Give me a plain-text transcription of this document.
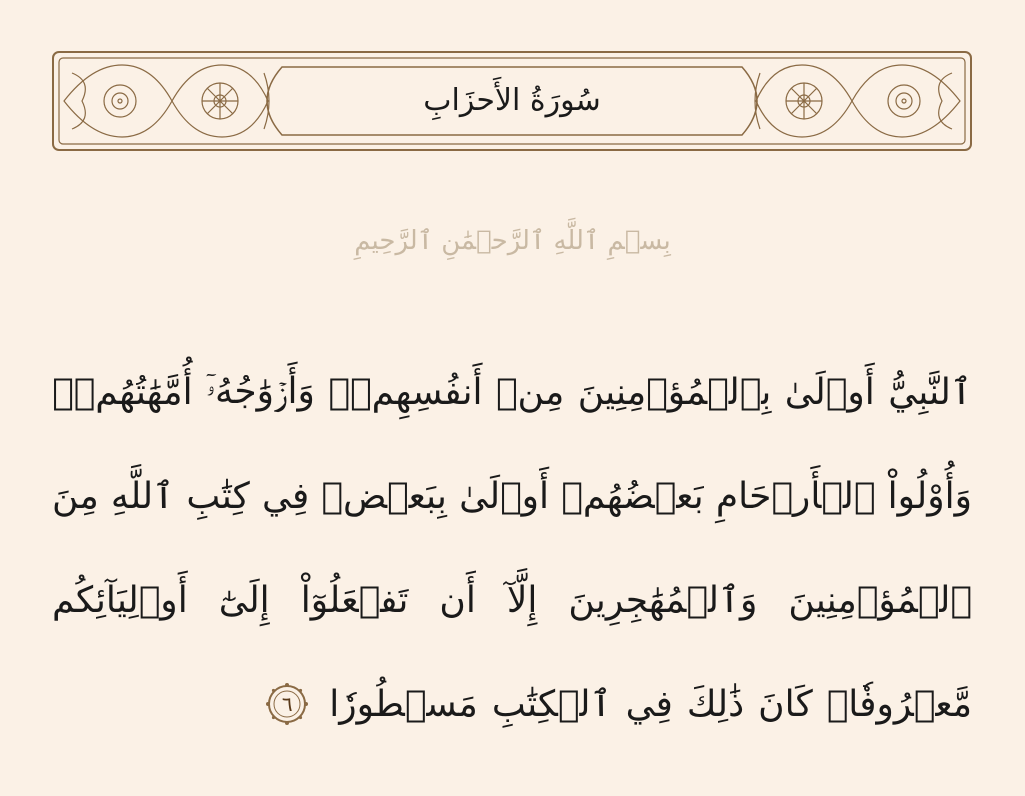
سُورَةُ الأَحزَابِ
بِسۡمِ ٱللَّهِ ٱلرَّحۡمَٰنِ ٱلرَّحِيمِ
ٱلنَّبِيُّ
أَوۡلَىٰ
بِٱلۡمُؤۡمِنِينَ
مِنۡ
أَنفُسِهِمۡۖ
وَأَزۡوَٰجُهُۥٓ
أُمَّهَٰتُهُمۡۗ
وَأُوْلُواْ
ٱلۡأَرۡحَامِ
بَعۡضُهُمۡ
أَوۡلَىٰ
بِبَعۡضٖ
فِي
كِتَٰبِ
ٱللَّهِ
مِنَ
ٱلۡمُؤۡمِنِينَ
وَٱلۡمُهَٰجِرِينَ
إِلَّآ
أَن
تَفۡعَلُوٓاْ
إِلَىٰٓ
أَوۡلِيَآئِكُم
مَّعۡرُوفٗاۚ
كَانَ
ذَٰلِكَ
فِي
ٱلۡكِتَٰبِ
مَسۡطُورٗا
٦
